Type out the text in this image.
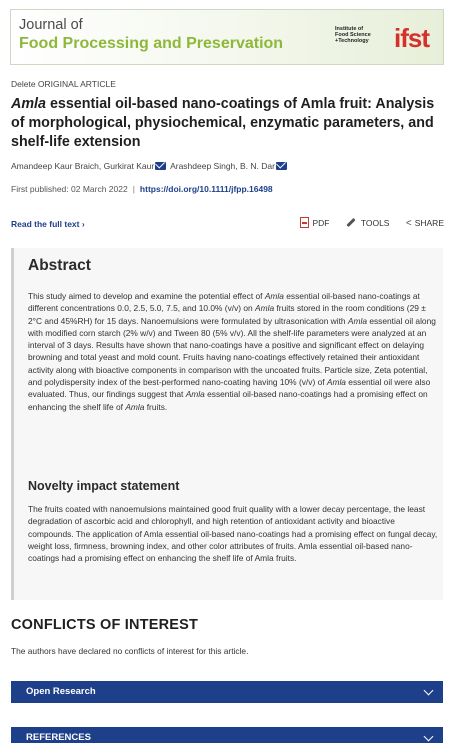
Journal of
Food Processing and Preservation
Institute of
Food Science
+Technology ifst
Delete ORIGINAL ARTICLE
Amla essential oil-based nano-coatings of Amla fruit: Analysis of morphological, physiochemical, enzymatic parameters, and shelf-life extension
Amandeep Kaur Braich, Gurkirat Kaur Arashdeep Singh, B. N. Dar
First published: 02 March 2022 | https://doi.org/10.1111/jfpp.16498
Read the full text ›	PDF	TOOLS < SHARE
Abstract

This study aimed to develop and examine the potential effect of Amla essential oil-based nano-coatings at different concentrations 0.0, 2.5, 5.0, 7.5, and 10.0% (v/v) on Amla fruits stored in the room conditions (29 ± 2°C and 45%RH) for 15 days. Nanoemulsions were formulated by ultrasonication with Amla essential oil along with modified corn starch (2% w/v) and Tween 80 (5% v/v). All the shelf-life parameters were analyzed at an interval of 3 days. Results have shown that nano-coatings have a positive and significant effect on delaying browning and total yeast and mold count. Fruits having nano-coatings effectively retained their antioxidant activity along with bioactive components in comparison with the uncoated fruits. Particle size, Zeta potential, and polydispersity index of the best-performed nano-coating having 10% (v/v) of Amla essential oil were also evaluated. Thus, our findings suggest that Amla essential oil-based nano-coatings had a promising effect on enhancing the shelf life of Amla fruits.

Novelty impact statement

The fruits coated with nanoemulsions maintained good fruit quality with a lower decay percentage, the least degradation of ascorbic acid and chlorophyll, and high retention of antioxidant activity and bioactive compounds. The application of Amla essential oil-based nano-coatings had a promising effect on fungal decay, weight loss, firmness, browning index, and other color attributes of fruits. Amla essential oil-based nano-coatings had a promising effect on enhancing the shelf life of Amla fruits.

CONFLICTS OF INTEREST

The authors have declared no conflicts of interest for this article.

Open Research
REFERENCES
